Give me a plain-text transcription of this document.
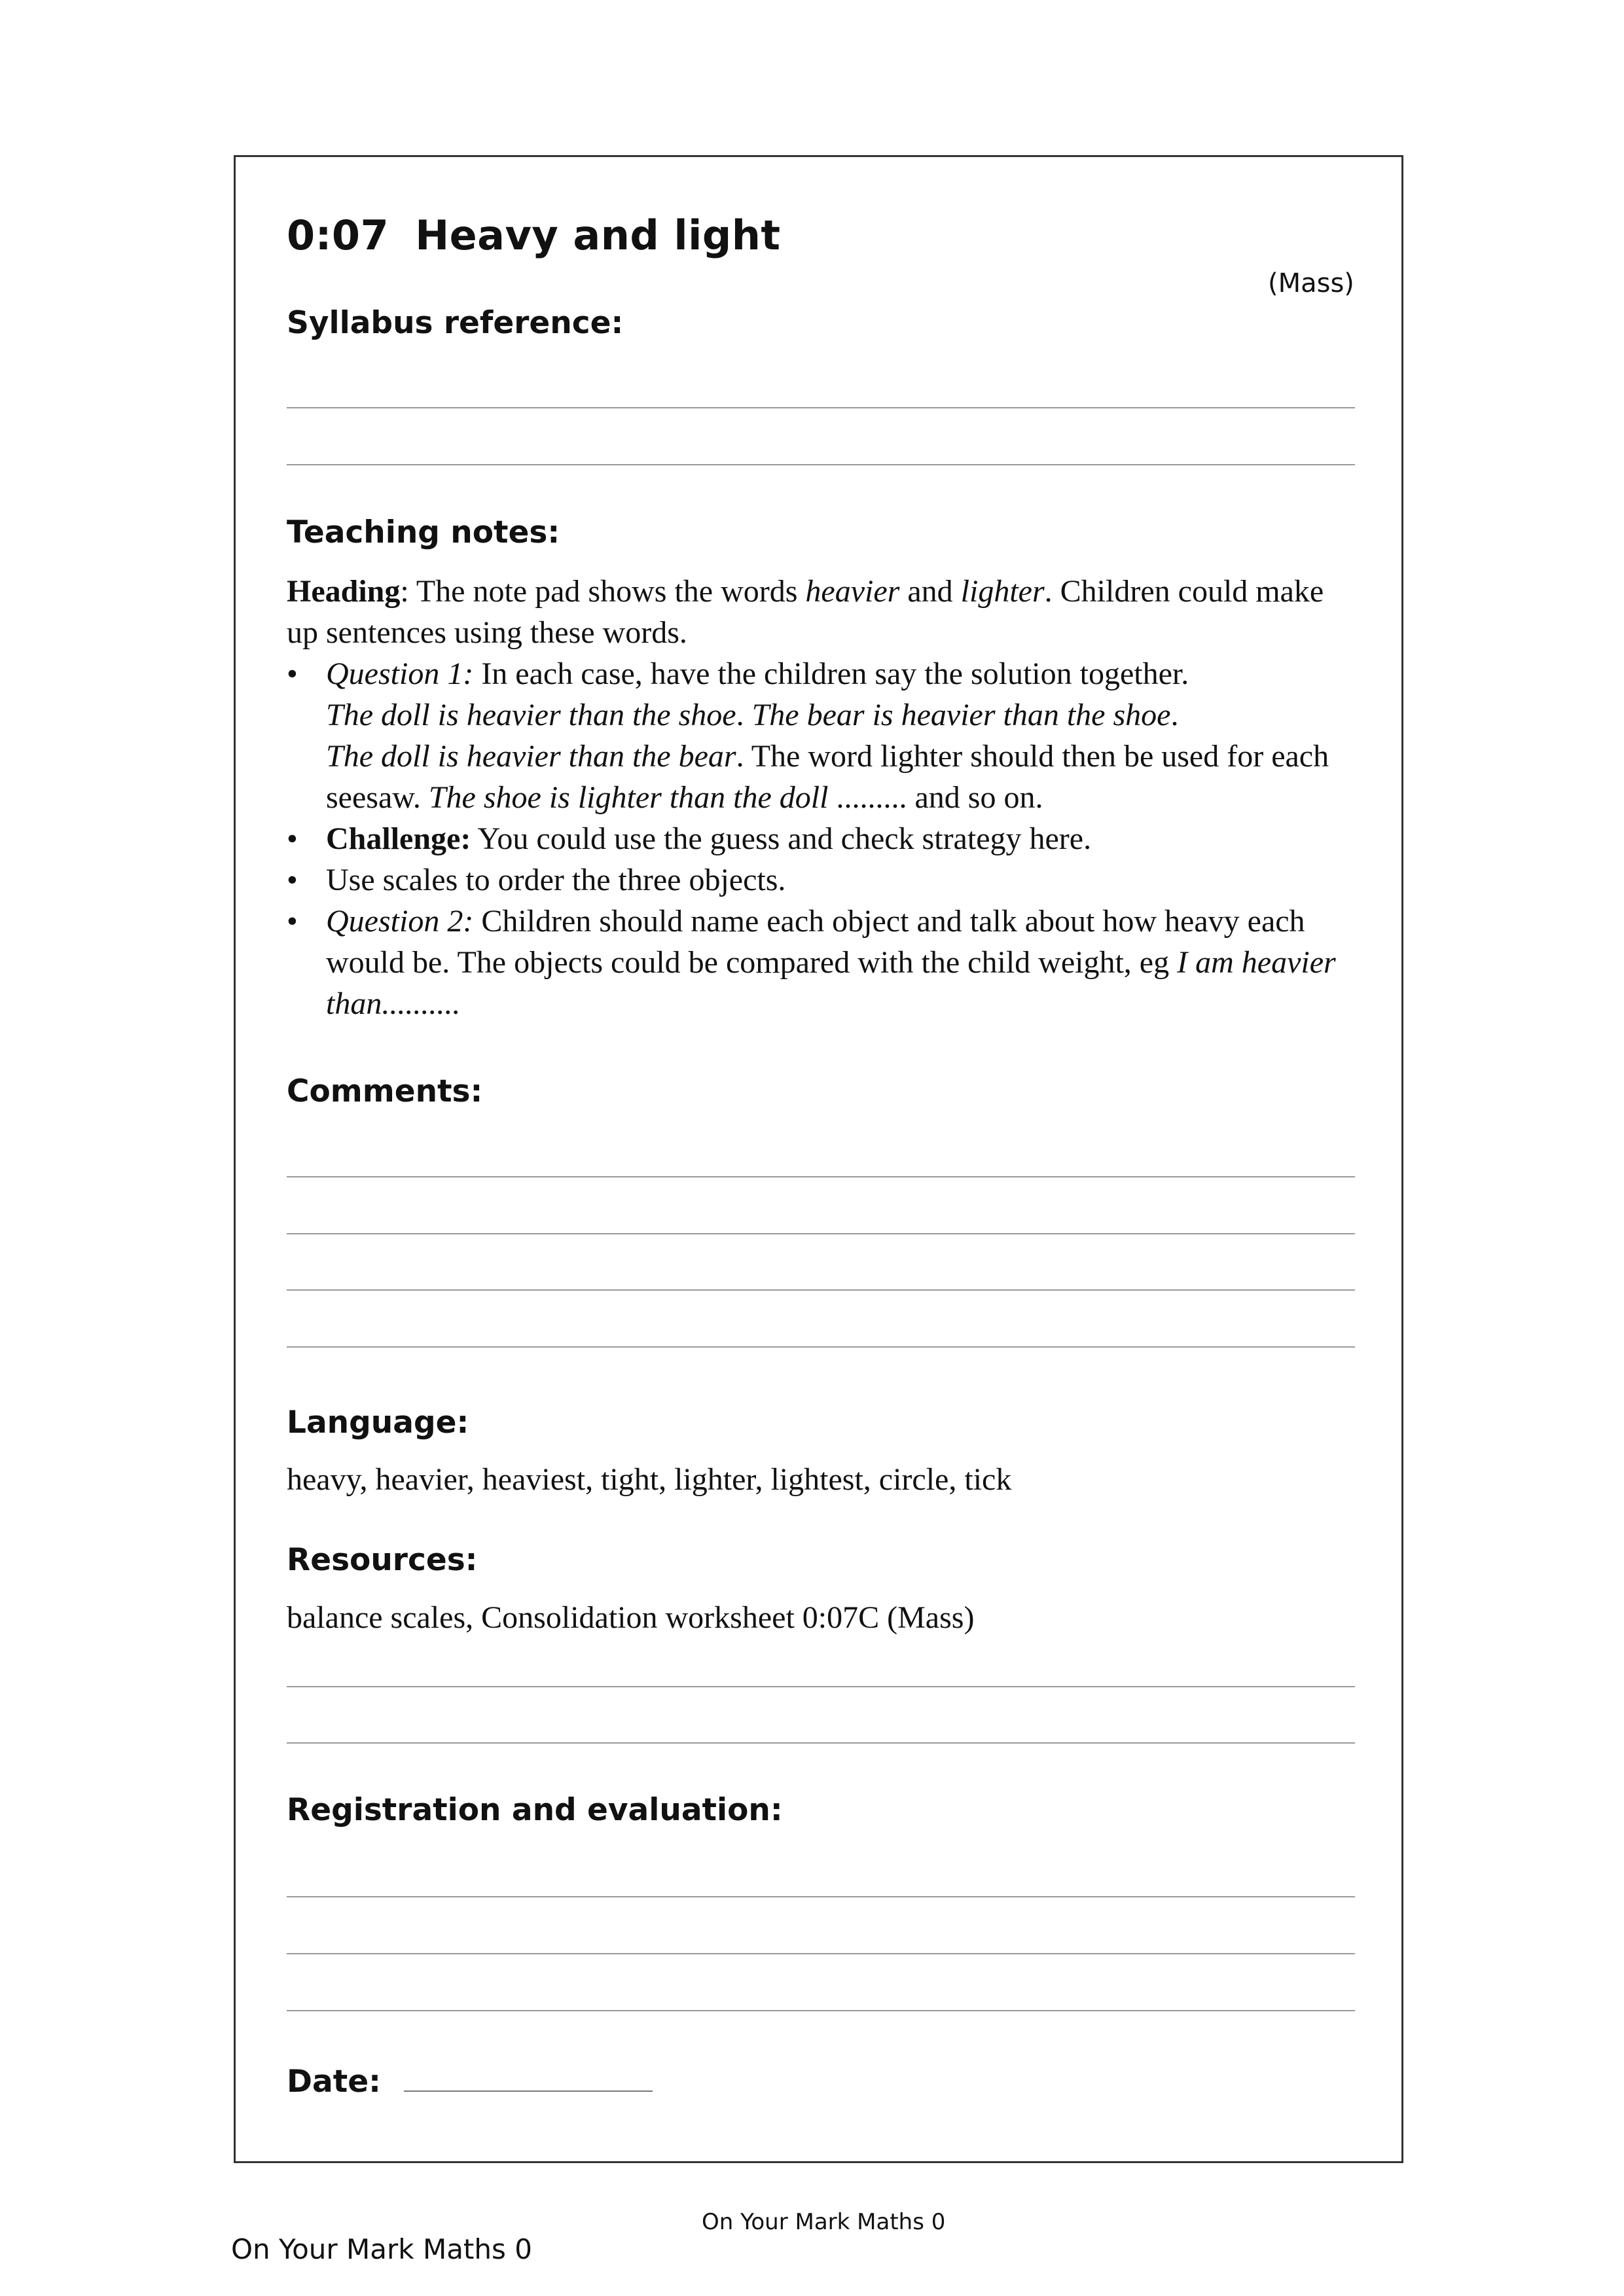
0:07 Heavy and light
(Mass)
Syllabus reference:
Teaching notes:

Heading: The note pad shows the words heavier and lighter. Children could make up sentences using these words.

• Question 1: In each case, have the children say the solution together.
The doll is heavier than the shoe. The bear is heavier than the shoe.
The doll is heavier than the bear. The word lighter should then be used for each seesaw. The shoe is lighter than the doll ......... and so on.
• Challenge: You could use the guess and check strategy here.
• Use scales to order the three objects.
• Question 2: Children should name each object and talk about how heavy each would be. The objects could be compared with the child weight, eg I am heavier than..........
Comments:
Language:
heavy, heavier, heaviest, tight, lighter, lightest, circle, tick
Resources:
balance scales, Consolidation worksheet 0:07C (Mass)
Registration and evaluation:
Date:
On Your Mark Maths 0
On Your Mark Maths 0
